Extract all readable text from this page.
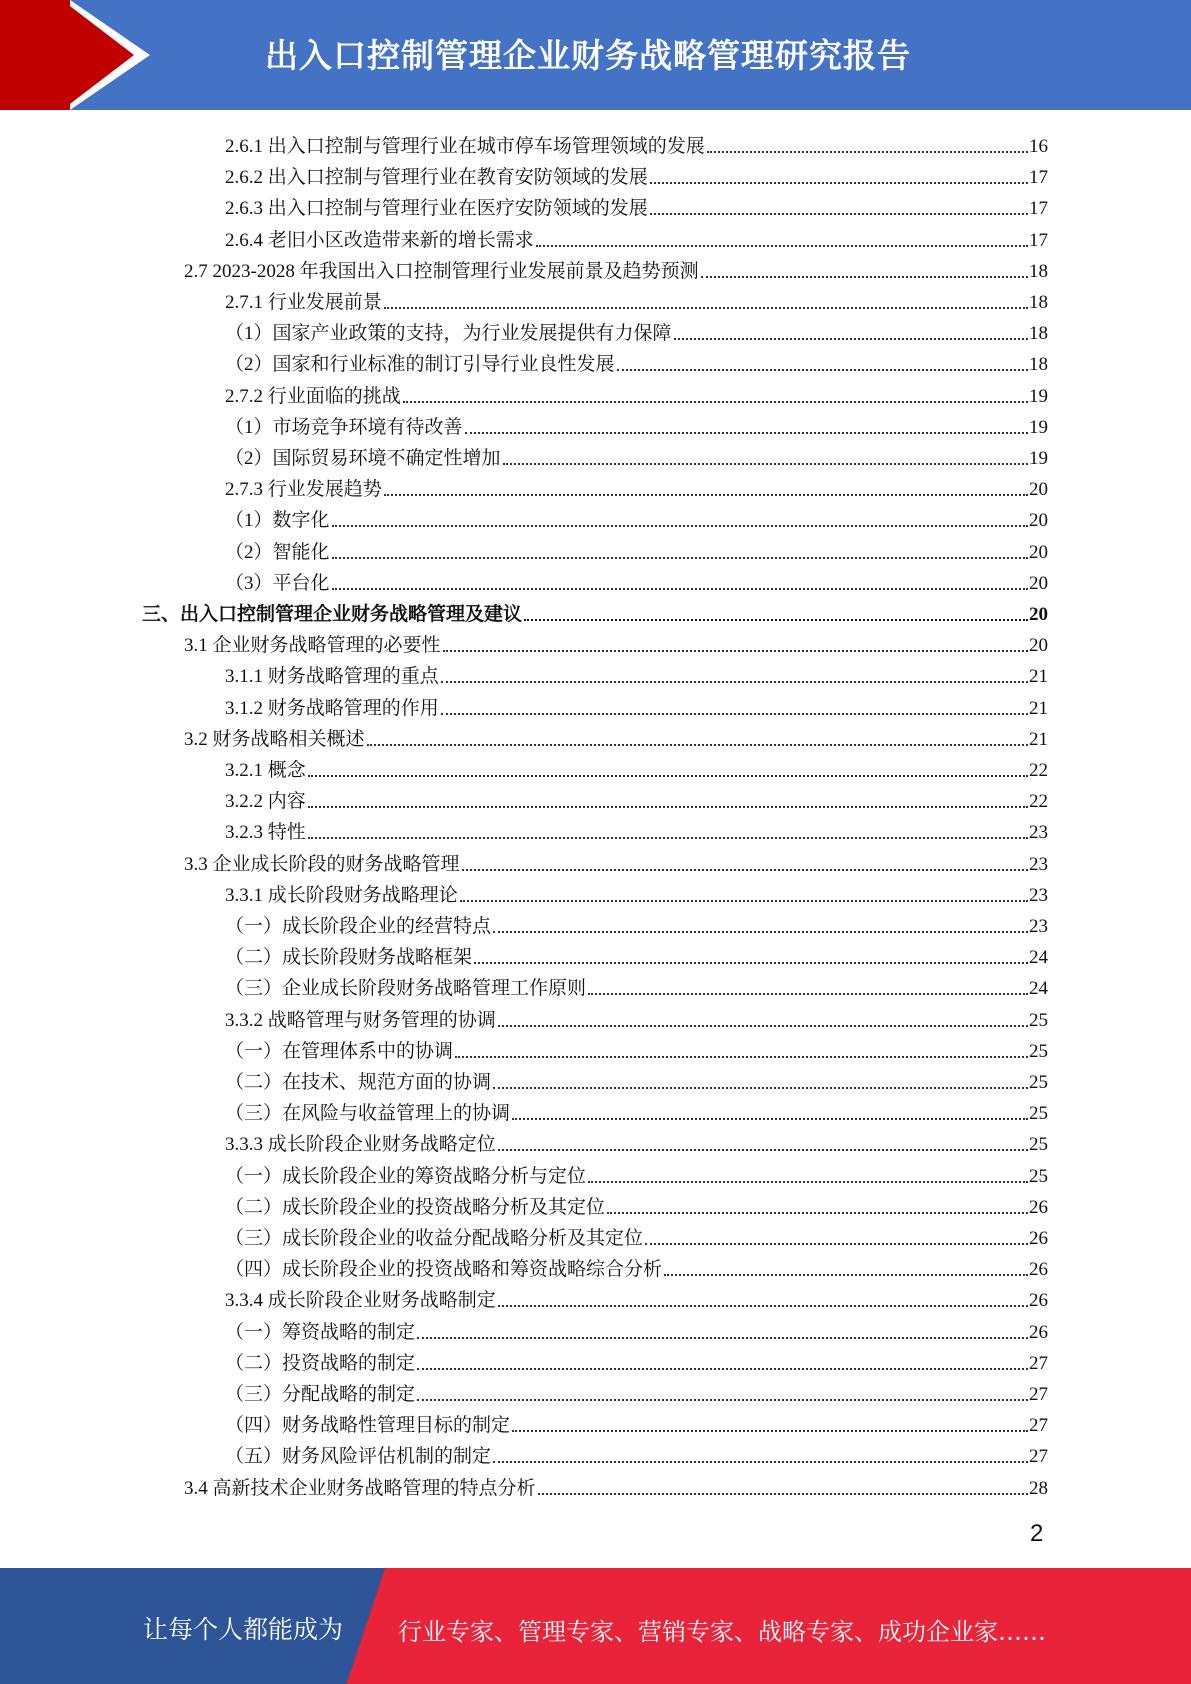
出入口控制管理企业财务战略管理研究报告
2.6.1 出入口控制与管理行业在城市停车场管理领域的发展	16
2.6.2 出入口控制与管理行业在教育安防领域的发展	17
2.6.3 出入口控制与管理行业在医疗安防领域的发展	17
2.6.4 老旧小区改造带来新的增长需求	17
2.7 2023-2028 年我国出入口控制管理行业发展前景及趋势预测	18
2.7.1 行业发展前景	18
（1）国家产业政策的支持，为行业发展提供有力保障	18
（2）国家和行业标准的制订引导行业良性发展	18
2.7.2 行业面临的挑战	19
（1）市场竞争环境有待改善	19
（2）国际贸易环境不确定性增加	19
2.7.3 行业发展趋势	20
（1）数字化	20
（2）智能化	20
（3）平台化	20
三、出入口控制管理企业财务战略管理及建议	20
3.1 企业财务战略管理的必要性	20
3.1.1 财务战略管理的重点	21
3.1.2 财务战略管理的作用	21
3.2 财务战略相关概述	21
3.2.1 概念	22
3.2.2 内容	22
3.2.3 特性	23
3.3 企业成长阶段的财务战略管理	23
3.3.1 成长阶段财务战略理论	23
（一）成长阶段企业的经营特点	23
（二）成长阶段财务战略框架	24
（三）企业成长阶段财务战略管理工作原则	24
3.3.2 战略管理与财务管理的协调	25
（一）在管理体系中的协调	25
（二）在技术、规范方面的协调	25
（三）在风险与收益管理上的协调	25
3.3.3 成长阶段企业财务战略定位	25
（一）成长阶段企业的筹资战略分析与定位	25
（二）成长阶段企业的投资战略分析及其定位	26
（三）成长阶段企业的收益分配战略分析及其定位	26
（四）成长阶段企业的投资战略和筹资战略综合分析	26
3.3.4 成长阶段企业财务战略制定	26
（一）筹资战略的制定	26
（二）投资战略的制定	27
（三）分配战略的制定	27
（四）财务战略性管理目标的制定	27
（五）财务风险评估机制的制定	27
3.4 高新技术企业财务战略管理的特点分析	28
2
让每个人都能成为 行业专家、管理专家、营销专家、战略专家、成功企业家……
